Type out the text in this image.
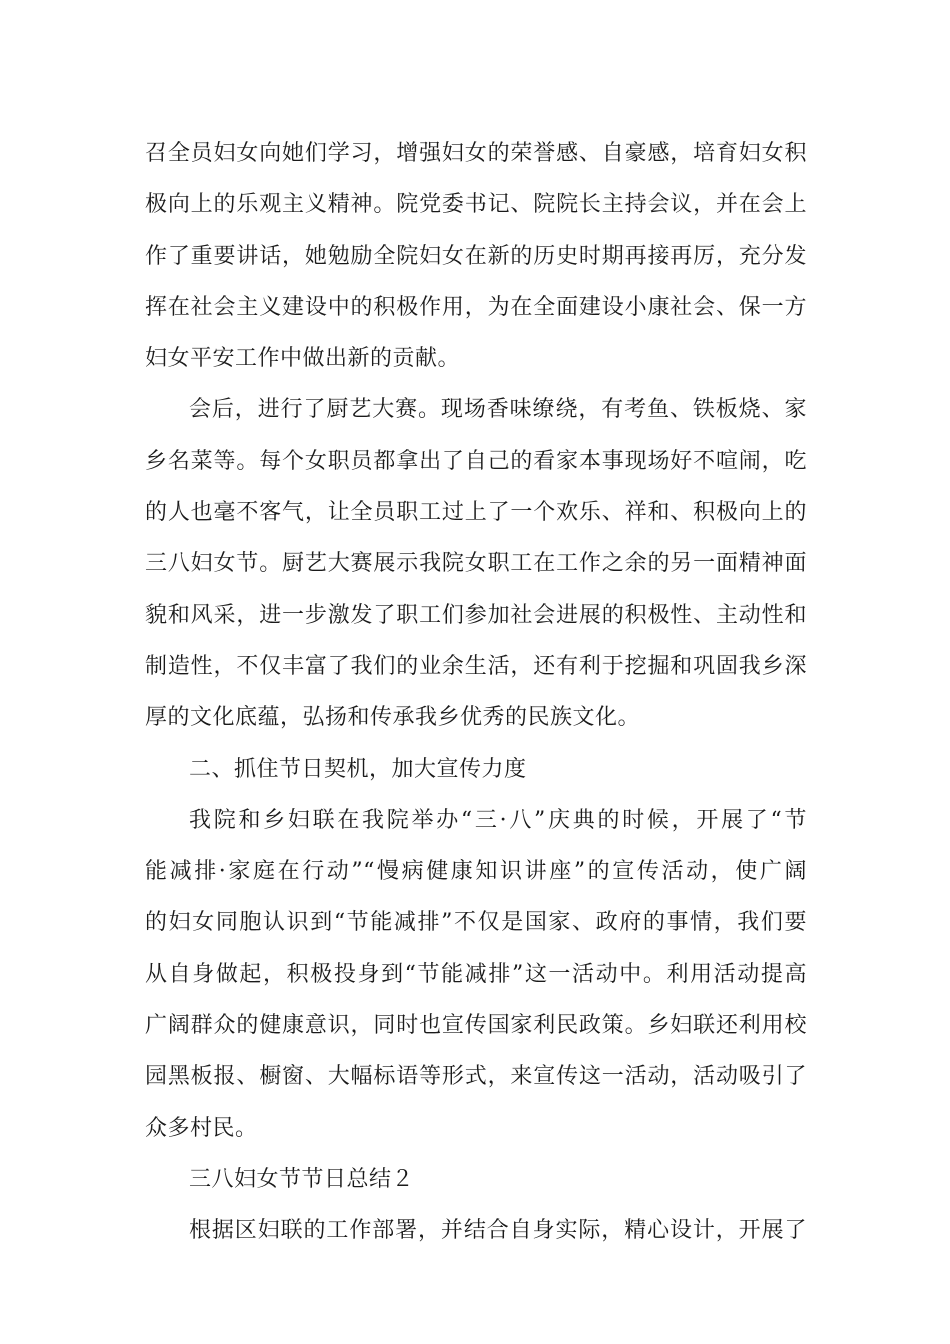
召全员妇女向她们学习，增强妇女的荣誉感、自豪感，培育妇女积
极向上的乐观主义精神。院党委书记、院院长主持会议，并在会上
作了重要讲话，她勉励全院妇女在新的历史时期再接再厉，充分发
挥在社会主义建设中的积极作用，为在全面建设小康社会、保一方
妇女平安工作中做出新的贡献。
会后，进行了厨艺大赛。现场香味缭绕，有考鱼、铁板烧、家
乡名菜等。每个女职员都拿出了自己的看家本事现场好不喧闹，吃
的人也毫不客气，让全员职工过上了一个欢乐、祥和、积极向上的
三八妇女节。厨艺大赛展示我院女职工在工作之余的另一面精神面
貌和风采，进一步激发了职工们参加社会进展的积极性、主动性和
制造性，不仅丰富了我们的业余生活，还有利于挖掘和巩固我乡深
厚的文化底蕴，弘扬和传承我乡优秀的民族文化。
二、抓住节日契机，加大宣传力度
我院和乡妇联在我院举办“三·八”庆典的时候，开展了“节
能减排·家庭在行动”“慢病健康知识讲座”的宣传活动，使广阔
的妇女同胞认识到“节能减排”不仅是国家、政府的事情，我们要
从自身做起，积极投身到“节能减排”这一活动中。利用活动提高
广阔群众的健康意识，同时也宣传国家利民政策。乡妇联还利用校
园黑板报、橱窗、大幅标语等形式，来宣传这一活动，活动吸引了
众多村民。
三八妇女节节日总结２
根据区妇联的工作部署，并结合自身实际，精心设计，开展了
